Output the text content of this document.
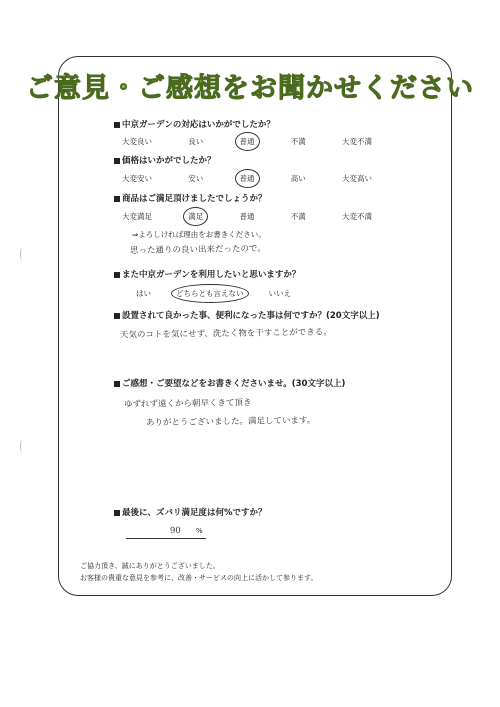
ご意見・ご感想をお聞かせください
中京ガーデンの対応はいかがでしたか？
大変良い	良い	普通	不満	大変不満
価格はいかがでしたか？
大変安い	安い	普通	高い	大変高い
商品はご満足頂けましたでしょうか？
大変満足	満足	普通	不満	大変不満
⇒よろしければ理由をお書きください。
思った通りの良い出来だったので。
また中京ガーデンを利用したいと思いますか？
はい	どちらとも言えない	いいえ
設置されて良かった事、便利になった事は何ですか？(20文字以上)
天気のコトを気にせず、洗たく物を干すことができる。
ご感想・ご要望などをお書きくださいませ。(30文字以上)
ゆずれず遠くから朝早くきて頂き
ありがとうございました。満足しています。
最後に、ズバリ満足度は何%ですか？
90 %
ご協力頂き、誠にありがとうございました。
お客様の貴重な意見を参考に、改善・サービスの向上に活かして参ります。
